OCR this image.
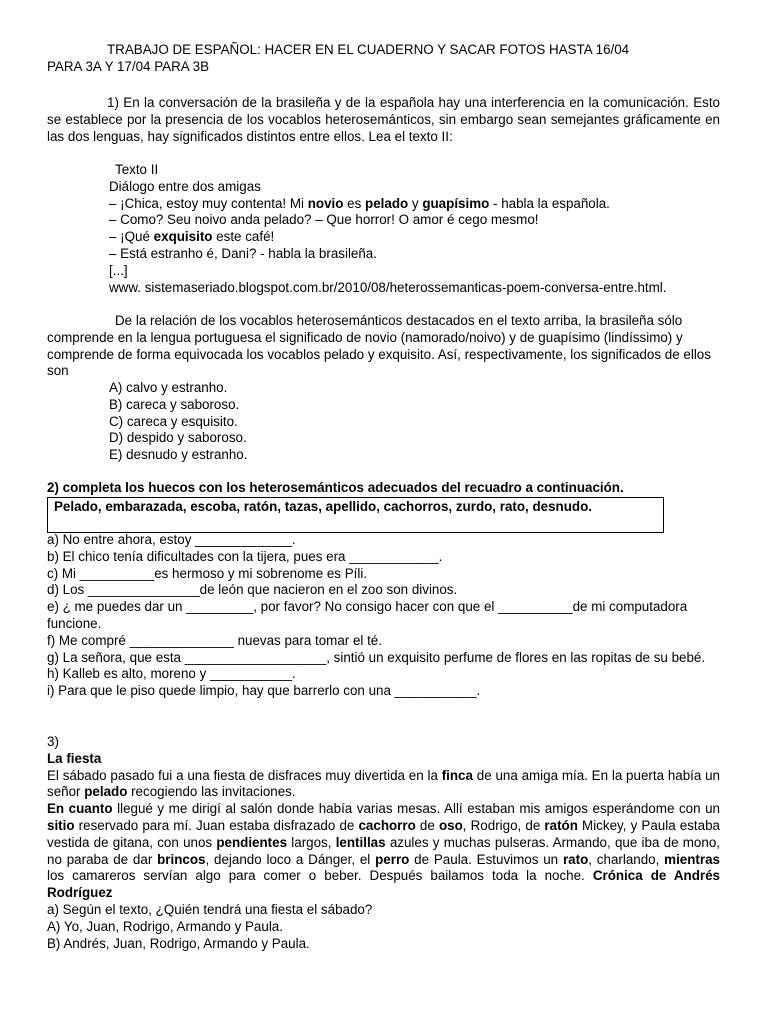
TRABAJO DE ESPAÑOL: HACER EN EL CUADERNO Y SACAR FOTOS HASTA 16/04

PARA 3A Y 17/04 PARA 3B

1) En la conversación de la brasileña y de la española hay una interferencia en la comunicación. Esto se establece por la presencia de los vocablos heterosemánticos, sin embargo sean semejantes gráficamente en las dos lenguas, hay significados distintos entre ellos. Lea el texto II:

Texto II

Diálogo entre dos amigas

– ¡Chica, estoy muy contenta! Mi novio es pelado y guapísimo - habla la española.

– Como? Seu noivo anda pelado? – Que horror! O amor é cego mesmo!

– ¡Qué exquisito este café!

– Está estranho é, Dani? - habla la brasileña.

[...]

www. sistemaseriado.blogspot.com.br/2010/08/heterossemanticas-poem-conversa-entre.html.
De la relación de los vocablos heterosemánticos destacados en el texto arriba, la brasileña sólo comprende en la lengua portuguesa el significado de novio (namorado/noivo) y de guapísimo (lindíssimo) y comprende de forma equivocada los vocablos pelado y exquisito. Así, respectivamente, los significados de ellos son

A) calvo y estranho.

B) careca y saboroso.

C) careca y esquisito.

D) despido y saboroso.

E) desnudo y estranho.

2) completa los huecos con los heterosemánticos adecuados del recuadro a continuación.
Pelado, embarazada, escoba, ratón, tazas, apellido, cachorros, zurdo, rato, desnudo.

a) No entre ahora, estoy _____________.

b) El chico tenía dificultades con la tijera, pues era ____________.

c) Mi __________es hermoso y mi sobrenome es Píli.

d) Los _______________de león que nacieron en el zoo son divinos.

e) ¿ me puedes dar un _________, por favor? No consigo hacer con que el __________de mi computadora funcione.

f) Me compré ______________ nuevas para tomar el té.

g) La señora, que esta ___________________, sintió un exquisito perfume de flores en las ropitas de su bebé.

h) Kalleb es alto, moreno y ___________.

i) Para que le piso quede limpio, hay que barrerlo con una ___________.

3)

La fiesta

El sábado pasado fui a una fiesta de disfraces muy divertida en la finca de una amiga mía. En la puerta había un señor pelado recogiendo las invitaciones.

En cuanto llegué y me dirigí al salón donde había varias mesas. Allí estaban mis amigos esperándome con un sitio reservado para mí. Juan estaba disfrazado de cachorro de oso, Rodrigo, de ratón Mickey, y Paula estaba vestida de gitana, con unos pendientes largos, lentillas azules y muchas pulseras. Armando, que iba de mono, no paraba de dar brincos, dejando loco a Dánger, el perro de Paula. Estuvimos un rato, charlando, mientras los camareros servían algo para comer o beber. Después bailamos toda la noche. Crónica de Andrés Rodríguez

a) Según el texto, ¿Quién tendrá una fiesta el sábado?

A) Yo, Juan, Rodrigo, Armando y Paula.

B) Andrés, Juan, Rodrigo, Armando y Paula.
